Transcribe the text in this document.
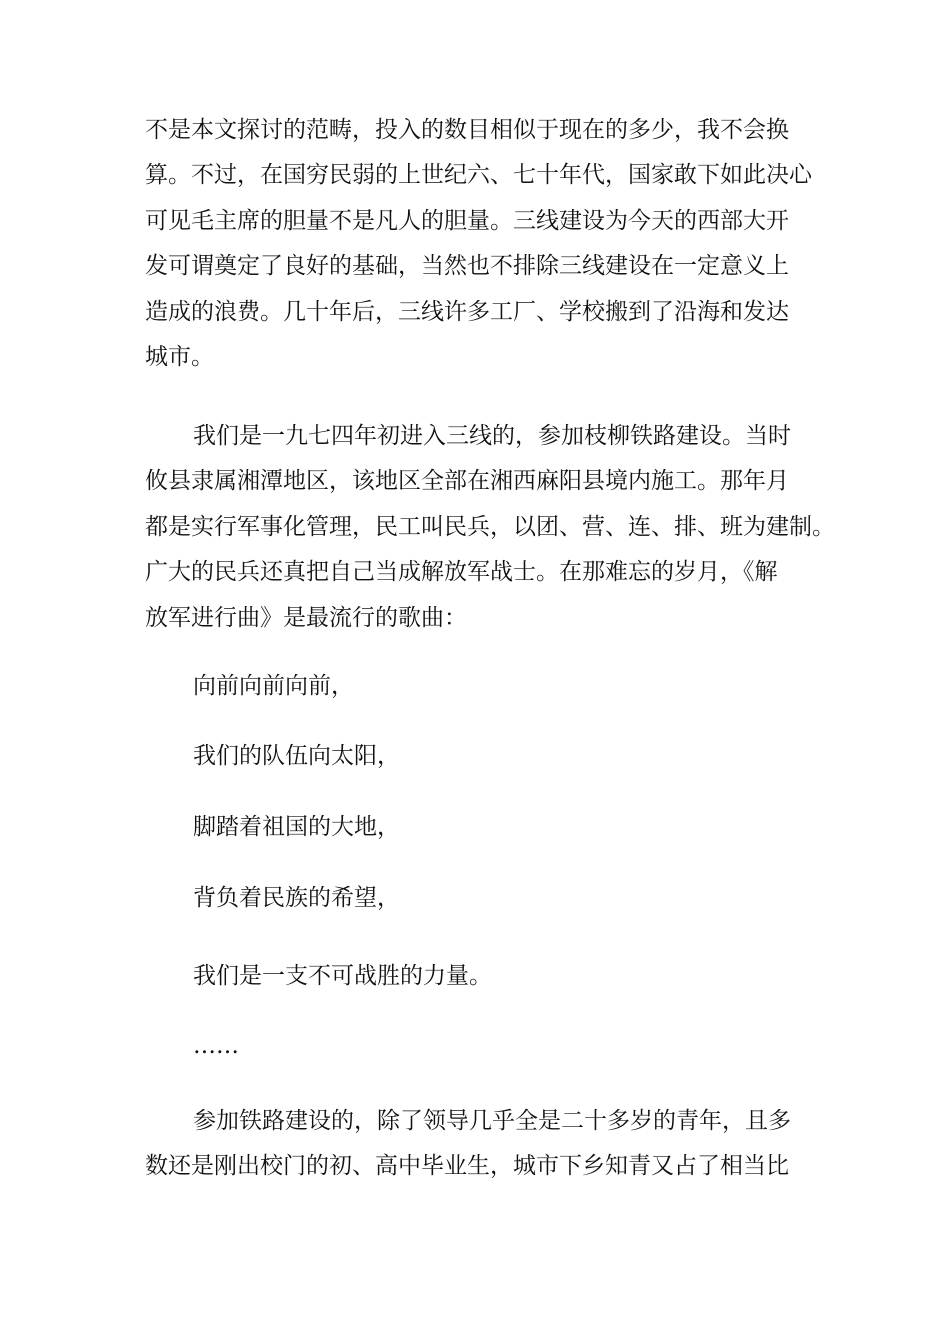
不是本文探讨的范畴，投入的数目相似于现在的多少，我不会换
算。不过，在国穷民弱的上世纪六、七十年代，国家敢下如此决心
可见毛主席的胆量不是凡人的胆量。三线建设为今天的西部大开
发可谓奠定了良好的基础，当然也不排除三线建设在一定意义上
造成的浪费。几十年后，三线许多工厂、学校搬到了沿海和发达
城市。
我们是一九七四年初进入三线的，参加枝柳铁路建设。当时
攸县隶属湘潭地区，该地区全部在湘西麻阳县境内施工。那年月
都是实行军事化管理，民工叫民兵，以团、营、连、排、班为建制。
广大的民兵还真把自己当成解放军战士。在那难忘的岁月，《解
放军进行曲》是最流行的歌曲：
向前向前向前，
我们的队伍向太阳，
脚踏着祖国的大地，
背负着民族的希望，
我们是一支不可战胜的力量。
……
参加铁路建设的，除了领导几乎全是二十多岁的青年，且多
数还是刚出校门的初、高中毕业生，城市下乡知青又占了相当比
